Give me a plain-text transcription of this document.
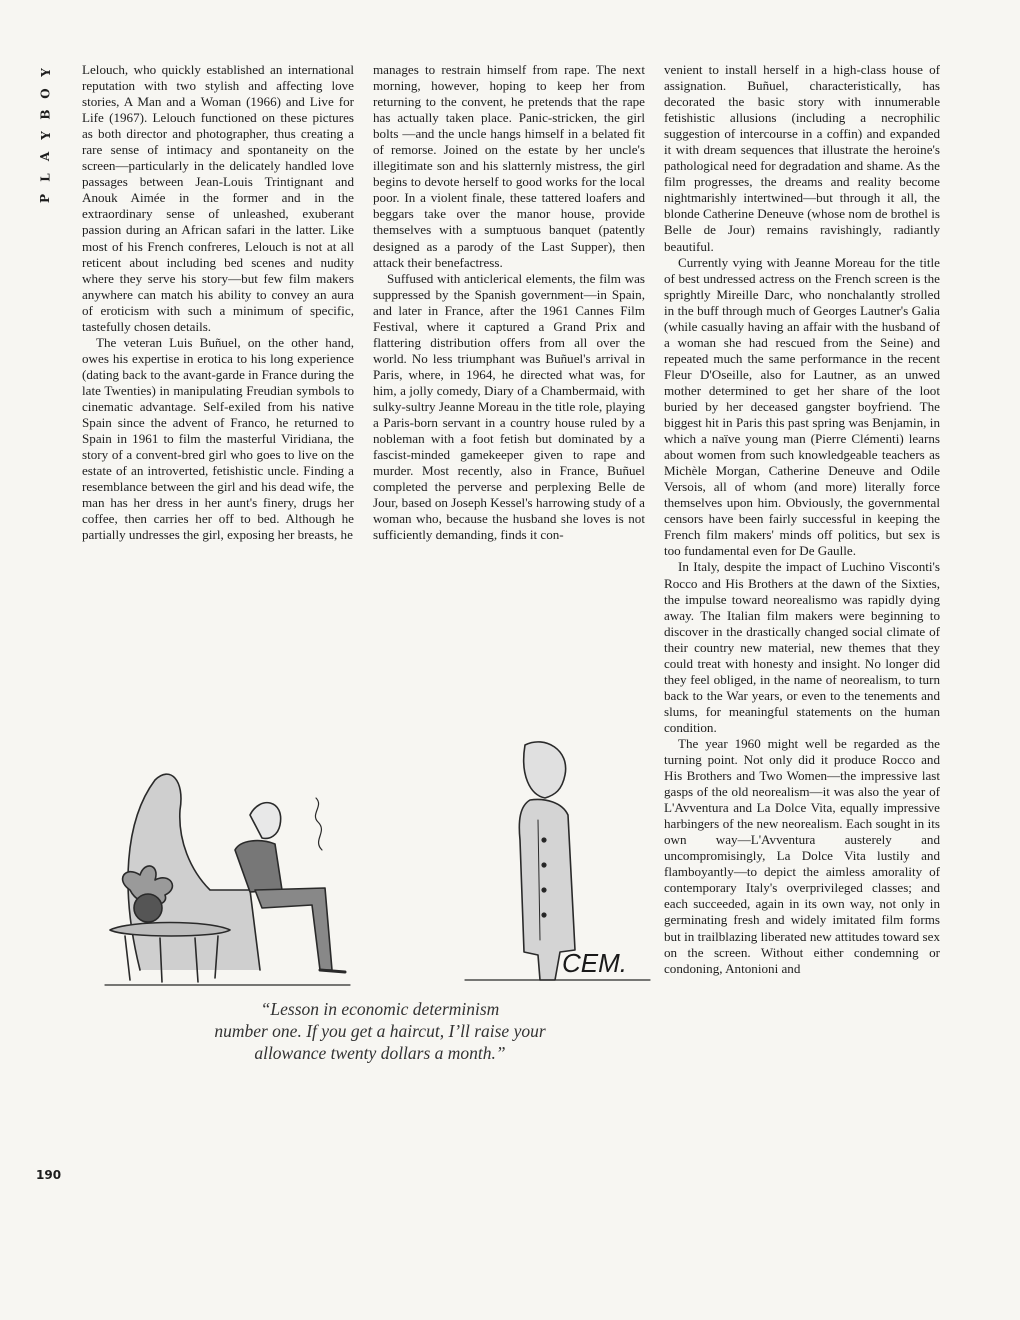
Y
O
B
Y
A
L
P

Lelouch, who quickly established an international reputation with two stylish and affecting love stories, A Man and a Woman (1966) and Live for Life (1967). Lelouch functioned on these pictures as both director and photographer, thus creating a rare sense of intimacy and spontaneity on the screen—particularly in the delicately handled love passages between Jean-Louis Trintignant and Anouk Aimée in the former and in the extraordinary sense of unleashed, exuberant passion during an African safari in the latter. Like most of his French confreres, Lelouch is not at all reticent about including bed scenes and nudity where they serve his story—but few film makers anywhere can match his ability to convey an aura of eroticism with such a minimum of specific, tastefully chosen details.

The veteran Luis Buñuel, on the other hand, owes his expertise in erotica to his long experience (dating back to the avant-garde in France during the late Twenties) in manipulating Freudian symbols to cinematic advantage. Self-exiled from his native Spain since the advent of Franco, he returned to Spain in 1961 to film the masterful Viridiana, the story of a convent-bred girl who goes to live on the estate of an introverted, fetishistic uncle. Finding a resemblance between the girl and his dead wife, the man has her dress in her aunt's finery, drugs her coffee, then carries her off to bed. Although he partially undresses the girl, exposing her breasts, he

manages to restrain himself from rape. The next morning, however, hoping to keep her from returning to the convent, he pretends that the rape has actually taken place. Panic-stricken, the girl bolts —and the uncle hangs himself in a belated fit of remorse. Joined on the estate by her uncle's illegitimate son and his slatternly mistress, the girl begins to devote herself to good works for the local poor. In a violent finale, these tattered loafers and beggars take over the manor house, provide themselves with a sumptuous banquet (patently designed as a parody of the Last Supper), then attack their benefactress.

Suffused with anticlerical elements, the film was suppressed by the Spanish government—in Spain, and later in France, after the 1961 Cannes Film Festival, where it captured a Grand Prix and flattering distribution offers from all over the world. No less triumphant was Buñuel's arrival in Paris, where, in 1964, he directed what was, for him, a jolly comedy, Diary of a Chambermaid, with sulky-sultry Jeanne Moreau in the title role, playing a Paris-born servant in a country house ruled by a nobleman with a foot fetish but dominated by a fascist-minded gamekeeper given to rape and murder. Most recently, also in France, Buñuel completed the perverse and perplexing Belle de Jour, based on Joseph Kessel's harrowing study of a woman who, because the husband she loves is not sufficiently demanding, finds it con-

venient to install herself in a high-class house of assignation. Buñuel, characteristically, has decorated the basic story with innumerable fetishistic allusions (including a necrophilic suggestion of intercourse in a coffin) and expanded it with dream sequences that illustrate the heroine's pathological need for degradation and shame. As the film progresses, the dreams and reality become nightmarishly intertwined—but through it all, the blonde Catherine Deneuve (whose nom de brothel is Belle de Jour) remains ravishingly, radiantly beautiful.

Currently vying with Jeanne Moreau for the title of best undressed actress on the French screen is the sprightly Mireille Darc, who nonchalantly strolled in the buff through much of Georges Lautner's Galia (while casually having an affair with the husband of a woman she had rescued from the Seine) and repeated much the same performance in the recent Fleur D'Oseille, also for Lautner, as an unwed mother determined to get her share of the loot buried by her deceased gangster boyfriend. The biggest hit in Paris this past spring was Benjamin, in which a naïve young man (Pierre Clémenti) learns about women from such knowledgeable teachers as Michèle Morgan, Catherine Deneuve and Odile Versois, all of whom (and more) literally force themselves upon him. Obviously, the governmental censors have been fairly successful in keeping the French film makers' minds off politics, but sex is too fundamental even for De Gaulle.

In Italy, despite the impact of Luchino Visconti's Rocco and His Brothers at the dawn of the Sixties, the impulse toward neorealismo was rapidly dying away. The Italian film makers were beginning to discover in the drastically changed social climate of their country new material, new themes that they could treat with honesty and insight. No longer did they feel obliged, in the name of neorealism, to turn back to the War years, or even to the tenements and slums, for meaningful statements on the human condition.

The year 1960 might well be regarded as the turning point. Not only did it produce Rocco and His Brothers and Two Women—the impressive last gasps of the old neorealism—it was also the year of L'Avventura and La Dolce Vita, equally impressive harbingers of the new neorealism. Each sought in its own way—L'Avventura austerely and uncompromisingly, La Dolce Vita lustily and flamboyantly—to depict the aimless amorality of contemporary Italy's overprivileged classes; and each succeeded, again in its own way, not only in germinating fresh and widely imitated film forms but in trailblazing liberated new attitudes toward sex on the screen. Without either condemning or condoning, Antonioni and

CEM.
“Lesson in economic determinism
number one. If you get a haircut, I’ll raise your
allowance twenty dollars a month.”
190
